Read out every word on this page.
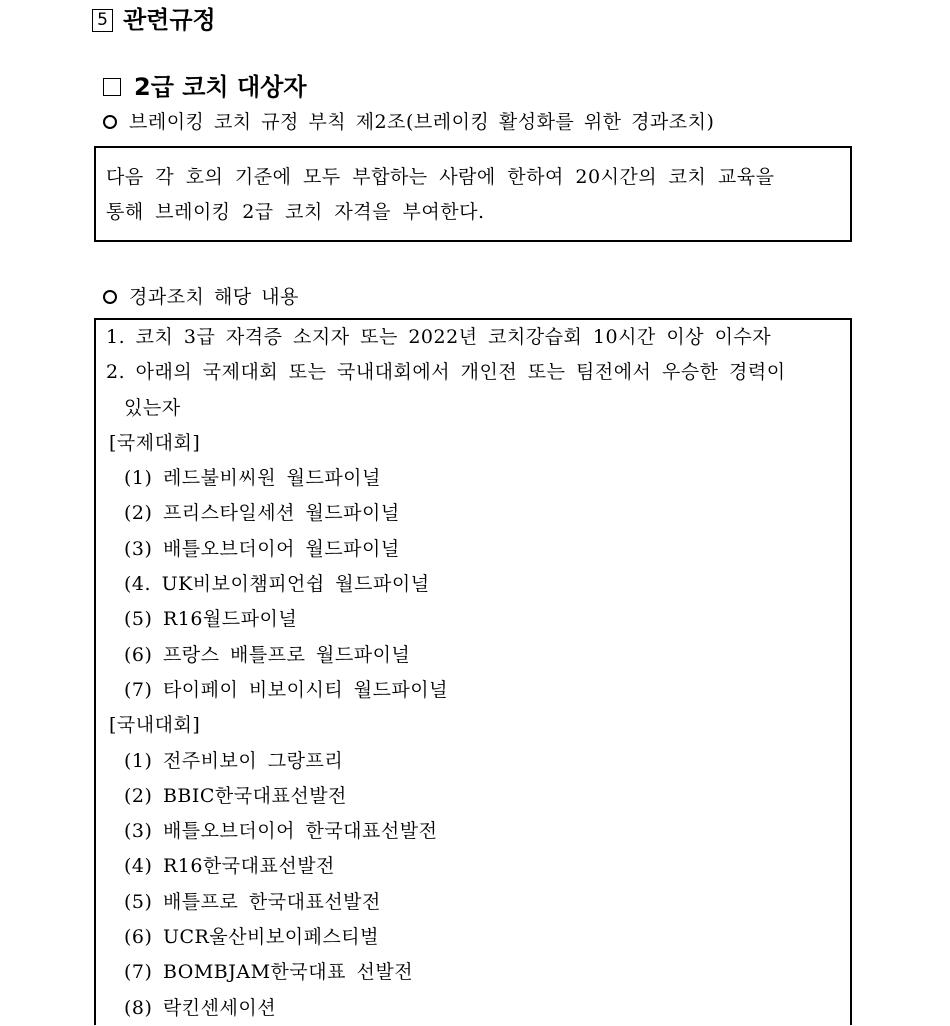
5 관련규정
2급 코치 대상자
브레이킹 코치 규정 부칙 제2조(브레이킹 활성화를 위한 경과조치)
다음 각 호의 기준에 모두 부합하는 사람에 한하여 20시간의 코치 교육을
통해 브레이킹 2급 코치 자격을 부여한다.
경과조치 해당 내용
1. 코치 3급 자격증 소지자 또는 2022년 코치강습회 10시간 이상 이수자
2. 아래의 국제대회 또는 국내대회에서 개인전 또는 팀전에서 우승한 경력이
있는자
[국제대회]
(1) 레드불비씨원 월드파이널
(2) 프리스타일세션 월드파이널
(3) 배틀오브더이어 월드파이널
(4. UK비보이챔피언쉽 월드파이널
(5) R16월드파이널
(6) 프랑스 배틀프로 월드파이널
(7) 타이페이 비보이시티 월드파이널
[국내대회]
(1) 전주비보이 그랑프리
(2) BBIC한국대표선발전
(3) 배틀오브더이어 한국대표선발전
(4) R16한국대표선발전
(5) 배틀프로 한국대표선발전
(6) UCR울산비보이페스티벌
(7) BOMBJAM한국대표 선발전
(8) 락킨센세이션
